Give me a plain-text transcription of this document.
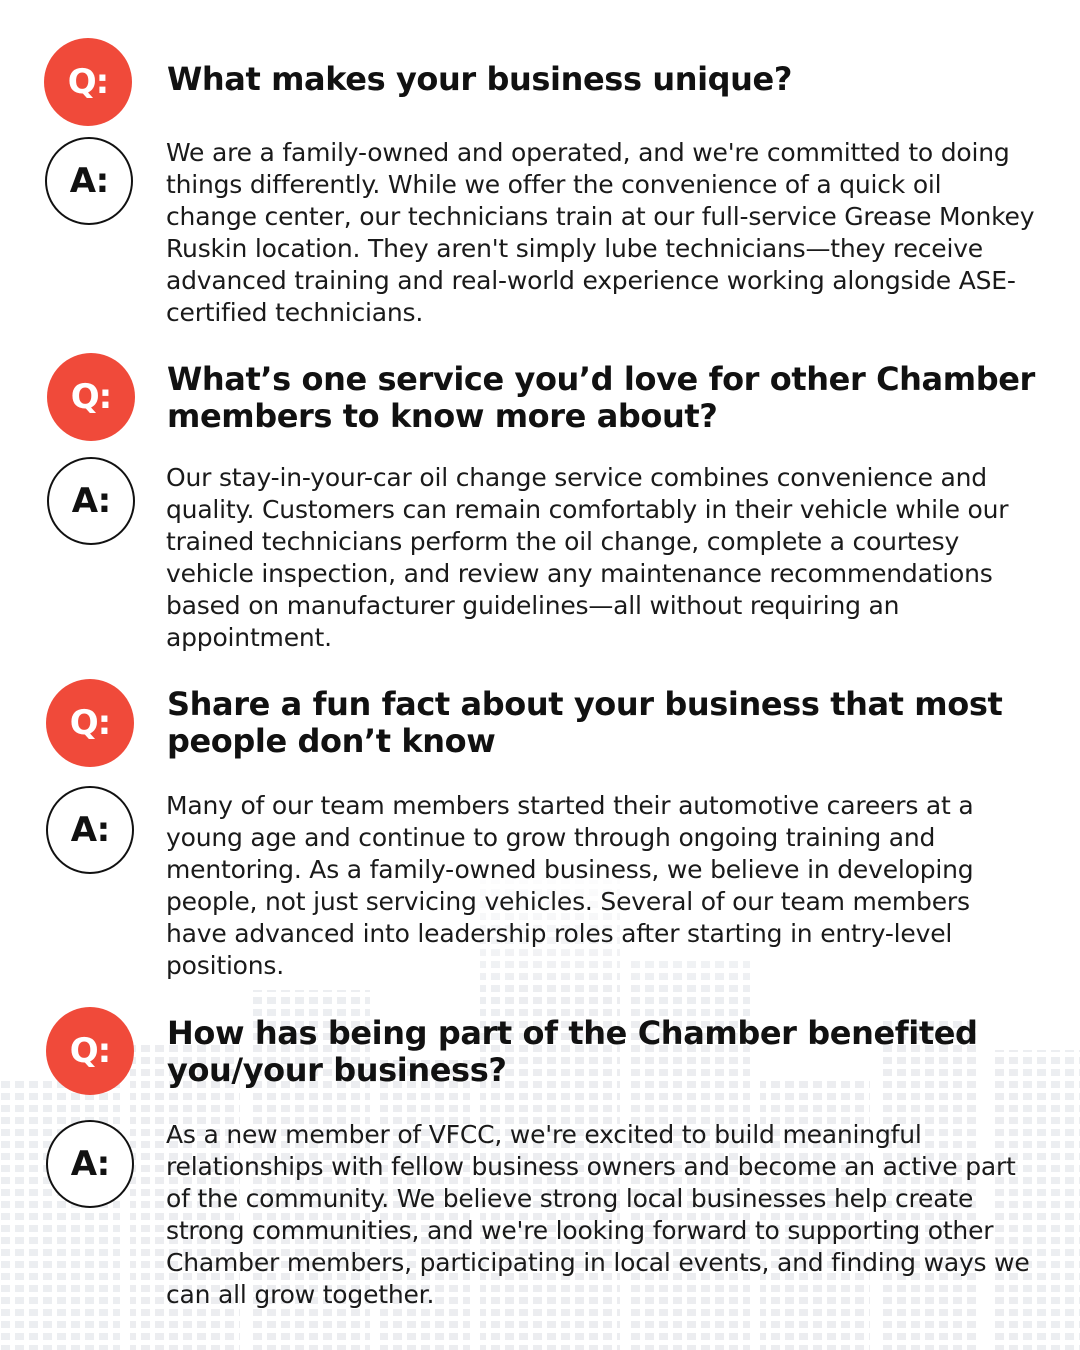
Q:	What makes your business unique?
A:

We are a family-owned and operated, and we're committed to doing things differently. While we offer the convenience of a quick oil change center, our technicians train at our full-service Grease Monkey Ruskin location. They aren't simply lube technicians—they receive advanced training and real-world experience working alongside ASE-certified technicians.

Q:	What’s one service you’d love for other Chamber members to know more about?
A:

Our stay-in-your-car oil change service combines convenience and quality. Customers can remain comfortably in their vehicle while our trained technicians perform the oil change, complete a courtesy vehicle inspection, and review any maintenance recommendations based on manufacturer guidelines—all without requiring an appointment.

Q:	Share a fun fact about your business that most people don’t know
A:

Many of our team members started their automotive careers at a young age and continue to grow through ongoing training and mentoring. As a family-owned business, we believe in developing people, not just servicing vehicles. Several of our team members have advanced into leadership roles after starting in entry-level positions.

Q:	How has being part of the Chamber benefited you/your business?
A:

As a new member of VFCC, we're excited to build meaningful relationships with fellow business owners and become an active part of the community. We believe strong local businesses help create strong communities, and we're looking forward to supporting other Chamber members, participating in local events, and finding ways we can all grow together.
